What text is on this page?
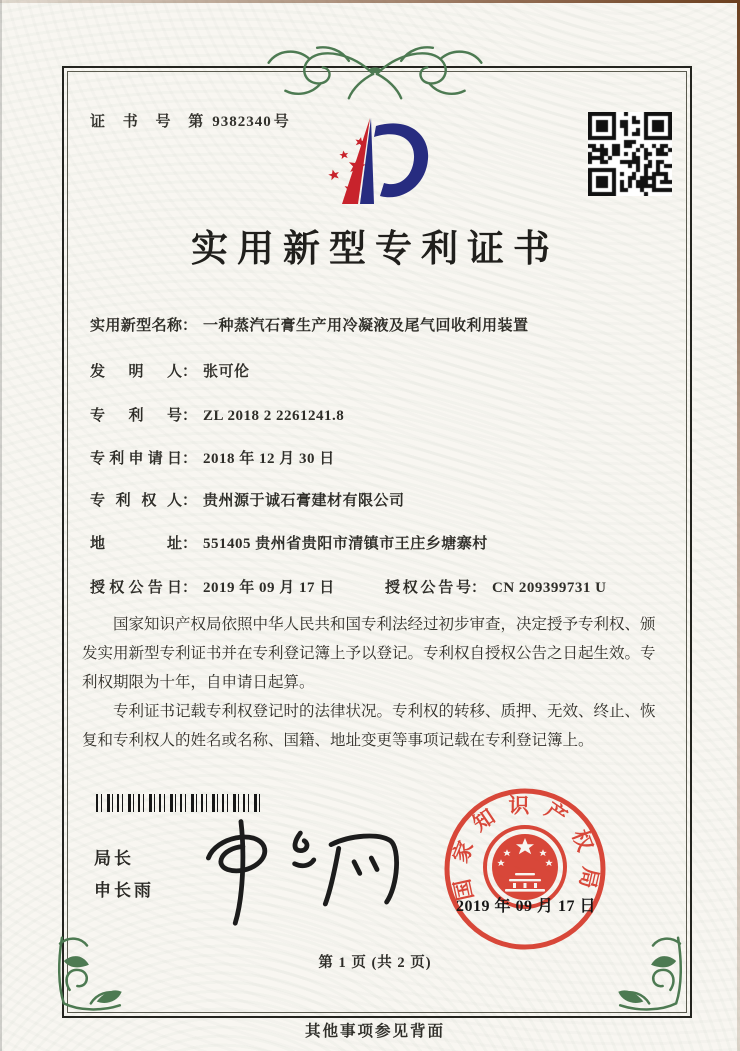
证 书 号 第 9382340 号
实用新型专利证书
实用新型名称： 一种蒸汽石膏生产用冷凝液及尾气回收利用装置
发明人： 张可伦
专利号： ZL 2018 2 2261241.8
专利申请日： 2018 年 12 月 30 日
专利权人： 贵州源于诚石膏建材有限公司
地址： 551405 贵州省贵阳市清镇市王庄乡塘寨村
授权公告日： 2019 年 09 月 17 日	授权公告号： CN 209399731 U

国家知识产权局依照中华人民共和国专利法经过初步审查，决定授予专利权、颁发实用新型专利证书并在专利登记簿上予以登记。专利权自授权公告之日起生效。专利权期限为十年，自申请日起算。

专利证书记载专利权登记时的法律状况。专利权的转移、质押、无效、终止、恢复和专利权人的姓名或名称、国籍、地址变更等事项记载在专利登记簿上。

局长
申长雨	国家知识产权局
2019 年 09 月 17 日
第 1 页 (共 2 页)
其他事项参见背面
